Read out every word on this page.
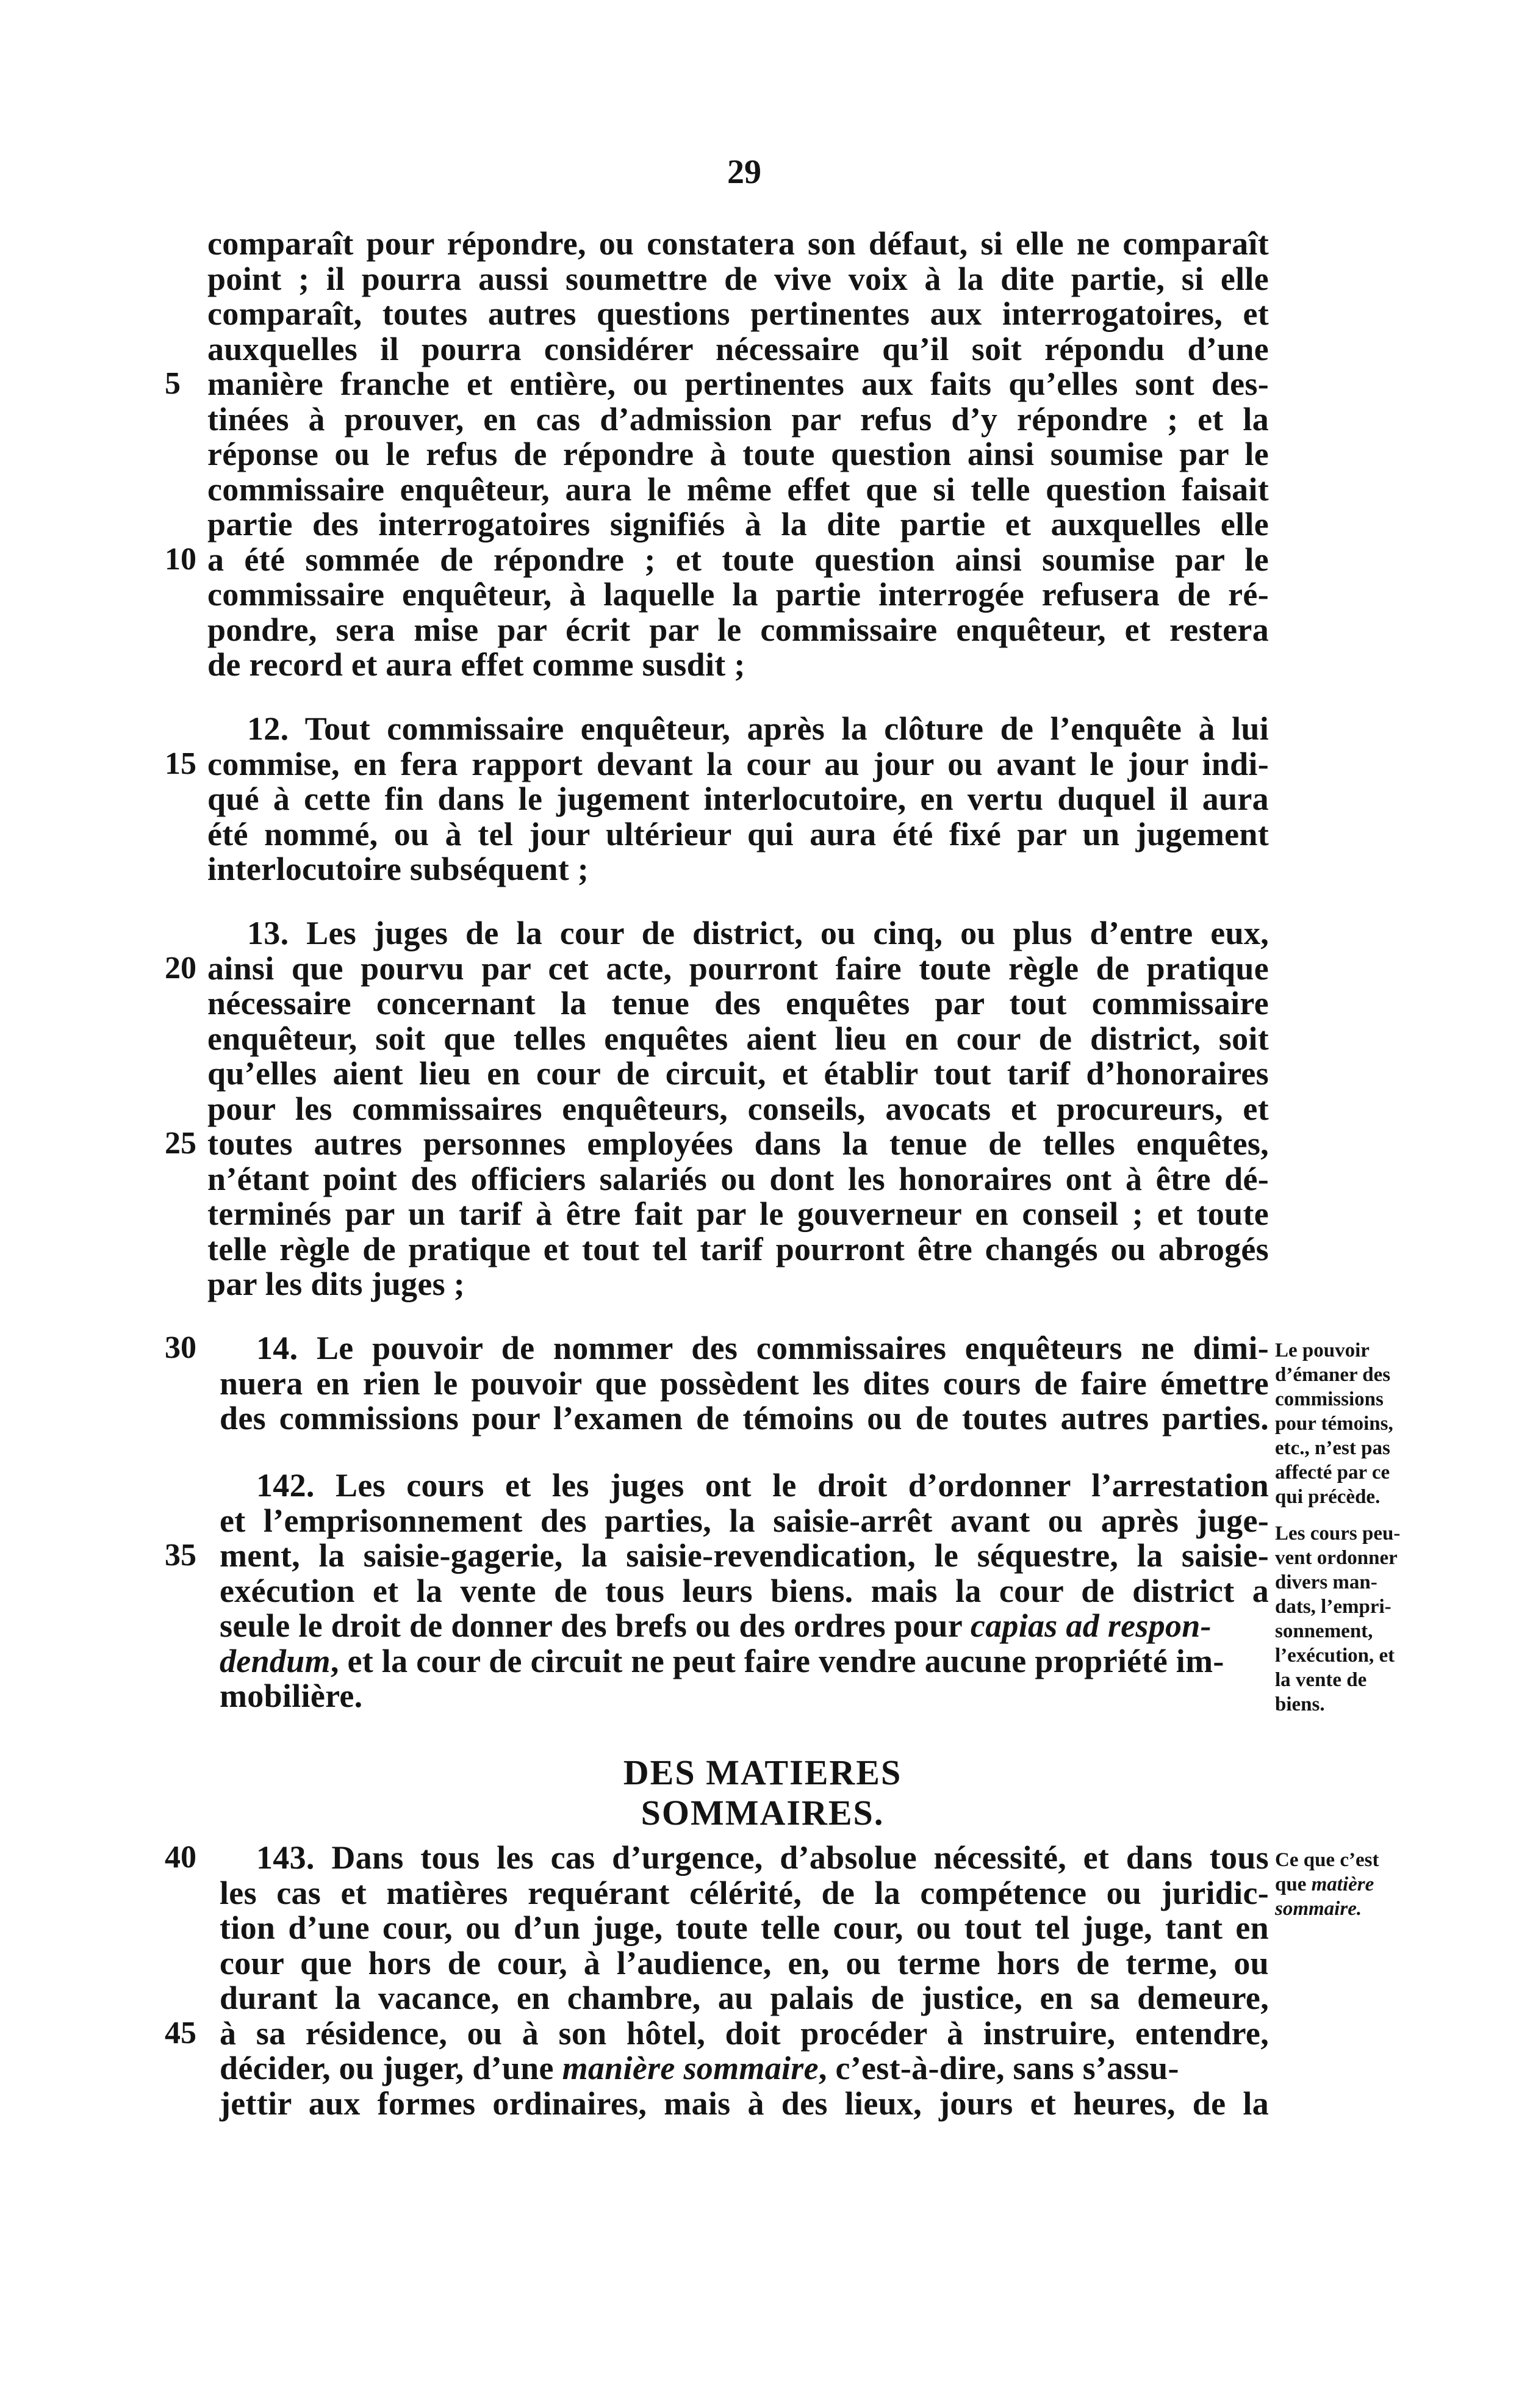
29
comparaît pour répondre, ou constatera son défaut, si elle ne comparaît
point ; il pourra aussi soumettre de vive voix à la dite partie, si elle
comparaît, toutes autres questions pertinentes aux interrogatoires, et
auxquelles il pourra considérer nécessaire qu’il soit répondu d’une
5 manière franche et entière, ou pertinentes aux faits qu’elles sont des-
tinées à prouver, en cas d’admission par refus d’y répondre ; et la
réponse ou le refus de répondre à toute question ainsi soumise par le
commissaire enquêteur, aura le même effet que si telle question faisait
partie des interrogatoires signifiés à la dite partie et auxquelles elle
10 a été sommée de répondre ; et toute question ainsi soumise par le
commissaire enquêteur, à laquelle la partie interrogée refusera de ré-
pondre, sera mise par écrit par le commissaire enquêteur, et restera
de record et aura effet comme susdit ;
12. Tout commissaire enquêteur, après la clôture de l’enquête à lui
15 commise, en fera rapport devant la cour au jour ou avant le jour indi-
qué à cette fin dans le jugement interlocutoire, en vertu duquel il aura
été nommé, ou à tel jour ultérieur qui aura été fixé par un jugement
interlocutoire subséquent ;
13. Les juges de la cour de district, ou cinq, ou plus d’entre eux,
20 ainsi que pourvu par cet acte, pourront faire toute règle de pratique
nécessaire concernant la tenue des enquêtes par tout commissaire
enquêteur, soit que telles enquêtes aient lieu en cour de district, soit
qu’elles aient lieu en cour de circuit, et établir tout tarif d’honoraires
pour les commissaires enquêteurs, conseils, avocats et procureurs, et
25 toutes autres personnes employées dans la tenue de telles enquêtes,
n’étant point des officiers salariés ou dont les honoraires ont à être dé-
terminés par un tarif à être fait par le gouverneur en conseil ; et toute
telle règle de pratique et tout tel tarif pourront être changés ou abrogés
par les dits juges ;
30 14. Le pouvoir de nommer des commissaires enquêteurs ne dimi-
nuera en rien le pouvoir que possèdent les dites cours de faire émettre
des commissions pour l’examen de témoins ou de toutes autres parties.
142. Les cours et les juges ont le droit d’ordonner l’arrestation
et l’emprisonnement des parties, la saisie-arrêt avant ou après juge-
35 ment, la saisie-gagerie, la saisie-revendication, le séquestre, la saisie-
exécution et la vente de tous leurs biens. mais la cour de district a
seule le droit de donner des brefs ou des ordres pour capias ad respon-
dendum, et la cour de circuit ne peut faire vendre aucune propriété im-
mobilière.
DES MATIERES SOMMAIRES.
40 143. Dans tous les cas d’urgence, d’absolue nécessité, et dans tous
les cas et matières requérant célérité, de la compétence ou juridic-
tion d’une cour, ou d’un juge, toute telle cour, ou tout tel juge, tant en
cour que hors de cour, à l’audience, en, ou terme hors de terme, ou
durant la vacance, en chambre, au palais de justice, en sa demeure,
45 à sa résidence, ou à son hôtel, doit procéder à instruire, entendre,
décider, ou juger, d’une manière sommaire, c’est-à-dire, sans s’assu-
jettir aux formes ordinaires, mais à des lieux, jours et heures, de la
Le pouvoir
d’émaner des
commissions
pour témoins,
etc., n’est pas
affecté par ce
qui précède.
Les cours peu-
vent ordonner
divers man-
dats, l’empri-
sonnement,
l’exécution, et
la vente de
biens.
Ce que c’est
que matière
sommaire.
